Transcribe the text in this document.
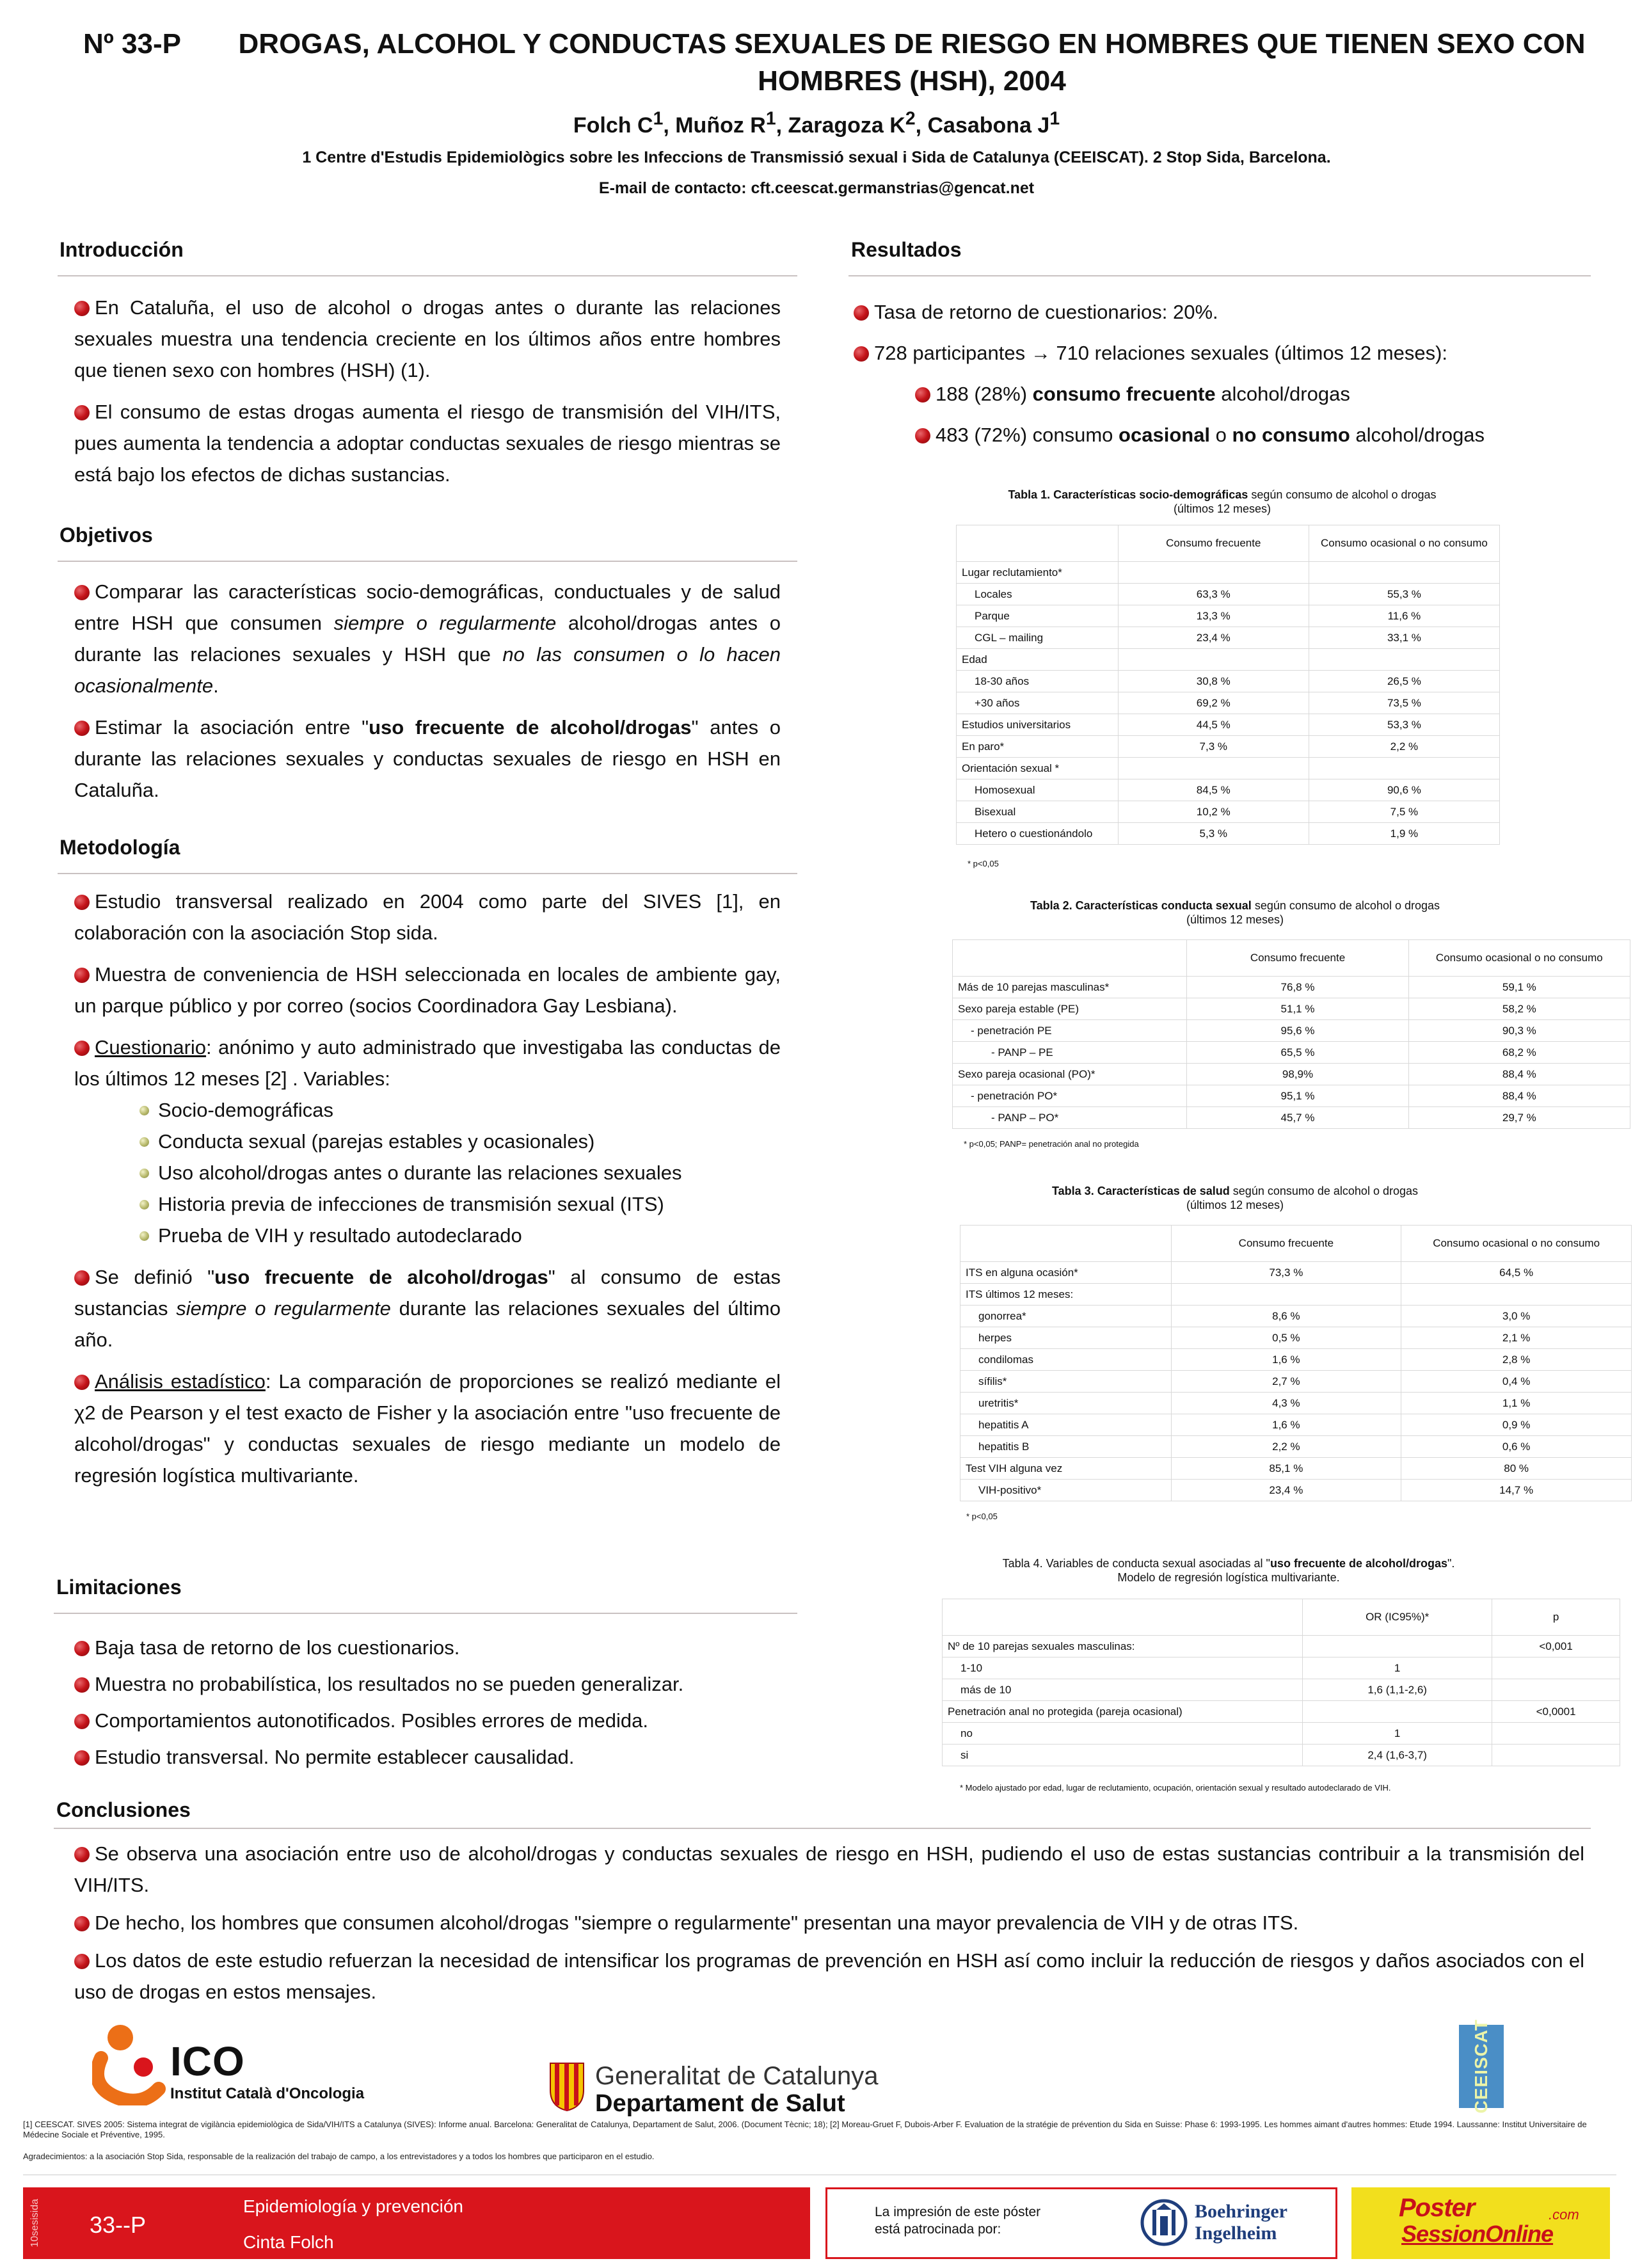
Nº 33-P	DROGAS, ALCOHOL Y CONDUCTAS SEXUALES DE RIESGO EN HOMBRES QUE TIENEN SEXO CON HOMBRES (HSH), 2004
Folch $C^1$, Muñoz $R^1$, Zaragoza $K^2$, Casabona $J^1$
1 Centre d'Estudis Epidemiològics sobre les Infeccions de Transmissió sexual i Sida de Catalunya (CEEISCAT). 2 Stop Sida, Barcelona.
E-mail de contacto: cft.ceescat.germanstrias@gencat.net
Introducción

En Cataluña, el uso de alcohol o drogas antes o durante las relaciones sexuales muestra una tendencia creciente en los últimos años entre hombres que tienen sexo con hombres (HSH) (1).

El consumo de estas drogas aumenta el riesgo de transmisión del VIH/ITS, pues aumenta la tendencia a adoptar conductas sexuales de riesgo mientras se está bajo los efectos de dichas sustancias.

Objetivos

Comparar las características socio-demográficas, conductuales y de salud entre HSH que consumen siempre o regularmente alcohol/drogas antes o durante las relaciones sexuales y HSH que no las consumen o lo hacen ocasionalmente.

Estimar la asociación entre "uso frecuente de alcohol/drogas" antes o durante las relaciones sexuales y conductas sexuales de riesgo en HSH en Cataluña.

Metodología

Estudio transversal realizado en 2004 como parte del SIVES [1], en colaboración con la asociación Stop sida.

Muestra de conveniencia de HSH seleccionada en locales de ambiente gay, un parque público y por correo (socios Coordinadora Gay Lesbiana).

Cuestionario: anónimo y auto administrado que investigaba las conductas de los últimos 12 meses [2] . Variables:

Socio-demográficas
Conducta sexual (parejas estables y ocasionales)
Uso alcohol/drogas antes o durante las relaciones sexuales
Historia previa de infecciones de transmisión sexual (ITS)
Prueba de VIH y resultado autodeclarado

Se definió "uso frecuente de alcohol/drogas" al consumo de estas sustancias siempre o regularmente durante las relaciones sexuales del último año.

Análisis estadístico: La comparación de proporciones se realizó mediante el χ2 de Pearson y el test exacto de Fisher y la asociación entre "uso frecuente de alcohol/drogas" y conductas sexuales de riesgo mediante un modelo de regresión logística multivariante.

Limitaciones
Baja tasa de retorno de los cuestionarios.
Muestra no probabilística, los resultados no se pueden generalizar.
Comportamientos autonotificados. Posibles errores de medida.
Estudio transversal. No permite establecer causalidad.
Resultados
Tasa de retorno de cuestionarios: 20%.
728 participantes → 710 relaciones sexuales (últimos 12 meses):
188 (28%) consumo frecuente alcohol/drogas
483 (72%) consumo ocasional o no consumo alcohol/drogas
Tabla 1. Características socio-demográficas según consumo de alcohol o drogas
(últimos 12 meses)
	Consumo frecuente	Consumo ocasional o no consumo
Lugar reclutamiento*		
Locales	63,3 %	55,3 %
Parque	13,3 %	11,6 %
CGL – mailing	23,4 %	33,1 %
Edad		
18-30 años	30,8 %	26,5 %
+30 años	69,2 %	73,5 %
Estudios universitarios	44,5 %	53,3 %
En paro*	7,3 %	2,2 %
Orientación sexual *		
Homosexual	84,5 %	90,6 %
Bisexual	10,2 %	7,5 %
Hetero o cuestionándolo	5,3 %	1,9 %
* p<0,05
Tabla 2. Características conducta sexual según consumo de alcohol o drogas
(últimos 12 meses)
	Consumo frecuente	Consumo ocasional o no consumo
Más de 10 parejas masculinas*	76,8 %	59,1 %
Sexo pareja estable (PE)	51,1 %	58,2 %
- penetración PE	95,6 %	90,3 %
- PANP – PE	65,5 %	68,2 %
Sexo pareja ocasional (PO)*	98,9%	88,4 %
- penetración PO*	95,1 %	88,4 %
- PANP – PO*	45,7 %	29,7 %
* p<0,05; PANP= penetración anal no protegida
Tabla 3. Características de salud según consumo de alcohol o drogas
(últimos 12 meses)
	Consumo frecuente	Consumo ocasional o no consumo
ITS en alguna ocasión*	73,3 %	64,5 %
ITS últimos 12 meses:		
gonorrea*	8,6 %	3,0 %
herpes	0,5 %	2,1 %
condilomas	1,6 %	2,8 %
sífilis*	2,7 %	0,4 %
uretritis*	4,3 %	1,1 %
hepatitis A	1,6 %	0,9 %
hepatitis B	2,2 %	0,6 %
Test VIH alguna vez	85,1 %	80 %
VIH-positivo*	23,4 %	14,7 %
* p<0,05
Tabla 4. Variables de conducta sexual asociadas al "uso frecuente de alcohol/drogas". Modelo de regresión logística multivariante.
	OR (IC95%)*	p
Nº de 10 parejas sexuales masculinas:		<0,001
1-10	1	
más de 10	1,6 (1,1-2,6)	
Penetración anal no protegida (pareja ocasional)		<0,0001
no	1	
si	2,4 (1,6-3,7)	
* Modelo ajustado por edad, lugar de reclutamiento, ocupación, orientación sexual y resultado autodeclarado de VIH.
Conclusiones

Se observa una asociación entre uso de alcohol/drogas y conductas sexuales de riesgo en HSH, pudiendo el uso de estas sustancias contribuir a la transmisión del VIH/ITS.

De hecho, los hombres que consumen alcohol/drogas "siempre o regularmente" presentan una mayor prevalencia de VIH y de otras ITS.

Los datos de este estudio refuerzan la necesidad de intensificar los programas de prevención en HSH así como incluir la reducción de riesgos y daños asociados con el uso de drogas en estos mensajes.

ICO
Institut Català d'Oncologia
Generalitat de Catalunya
Departament de Salut	CEEISCAT
[1] CEESCAT. SIVES 2005: Sistema integrat de vigilància epidemiològica de Sida/VIH/ITS a Catalunya (SIVES): Informe anual. Barcelona: Generalitat de Catalunya, Departament de Salut, 2006. (Document Tècnic; 18); [2] Moreau-Gruet F, Dubois-Arber F. Evaluation de la stratégie de prévention du Sida en Suisse: Phase 6: 1993-1995. Les hommes aimant d'autres hommes: Etude 1994. Laussanne: Institut Universitaire de Médecine Sociale et Préventive, 1995.
Agradecimientos: a la asociación Stop Sida, responsable de la realización del trabajo de campo, a los entrevistadores y a todos los hombres que participaron en el estudio.
10sesisida 33--P
Epidemiología y prevención
Cinta Folch
La impresión de este póster está patrocinada por:
Boehringer
Ingelheim
Poster
SessionOnline
.com
